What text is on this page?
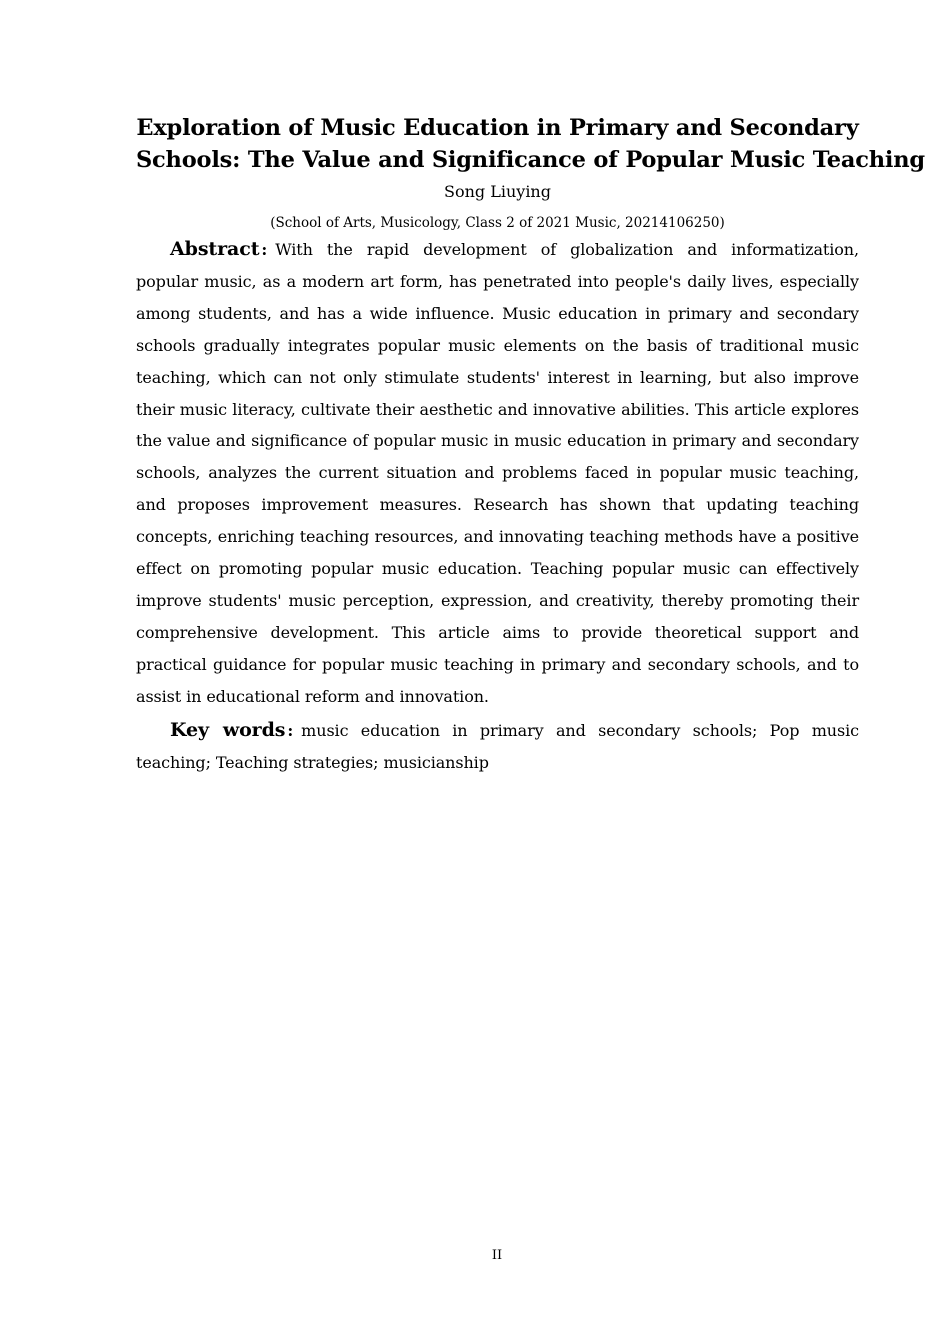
Exploration of Music Education in Primary and Secondary
Schools: The Value and Significance of Popular Music Teaching
Song Liuying
(School of Arts, Musicology, Class 2 of 2021 Music, 20214106250)

Abstract : With the rapid development of globalization and informatization, popular music, as a modern art form, has penetrated into people's daily lives, especially among students, and has a wide influence. Music education in primary and secondary schools gradually integrates popular music elements on the basis of traditional music teaching, which can not only stimulate students' interest in learning, but also improve their music literacy, cultivate their aesthetic and innovative abilities. This article explores the value and significance of popular music in music education in primary and secondary schools, analyzes the current situation and problems faced in popular music teaching, and proposes improvement measures. Research has shown that updating teaching concepts, enriching teaching resources, and innovating teaching methods have a positive effect on promoting popular music education. Teaching popular music can effectively improve students' music perception, expression, and creativity, thereby promoting their comprehensive development. This article aims to provide theoretical support and practical guidance for popular music teaching in primary and secondary schools, and to assist in educational reform and innovation.

Key words : music education in primary and secondary schools; Pop music teaching; Teaching strategies; musicianship

II
